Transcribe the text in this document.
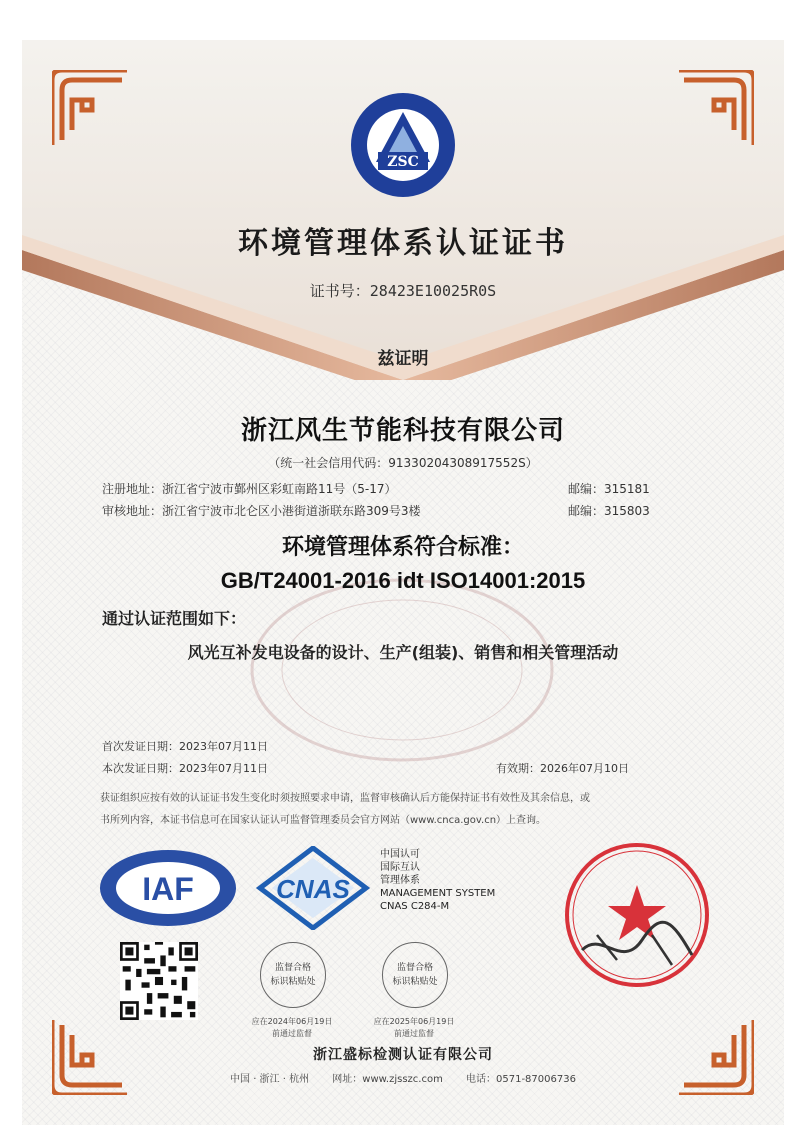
ZSC
环境管理体系认证证书
证书号：28423E10025R0S
兹证明
浙江风生节能科技有限公司
（统一社会信用代码：91330204308917552S）
注册地址：浙江省宁波市鄞州区彩虹南路11号（5-17）	邮编：315181
审核地址：浙江省宁波市北仑区小港街道浙联东路309号3楼	邮编：315803
环境管理体系符合标准：
GB/T24001-2016 idt ISO14001:2015
通过认证范围如下：
风光互补发电设备的设计、生产(组装)、销售和相关管理活动
首次发证日期：2023年07月11日
本次发证日期：2023年07月11日	有效期：2026年07月10日
获证组织应按有效的认证证书发生变化时须按照要求申请，监督审核确认后方能保持证书有效性及其余信息，或
书所列内容，本证书信息可在国家认证认可监督管理委员会官方网站（www.cnca.gov.cn）上查询。
IAF	CNAS
中国认可
国际互认
管理体系
MANAGEMENT SYSTEM
CNAS C284-M
监督合格
标识粘贴处
应在2024年06月19日
前通过监督
监督合格
标识粘贴处
应在2025年06月19日
前通过监督
浙江盛标检测认证有限公司
中国 · 浙江 · 杭州 网址：www.zjsszc.com 电话：0571-87006736
